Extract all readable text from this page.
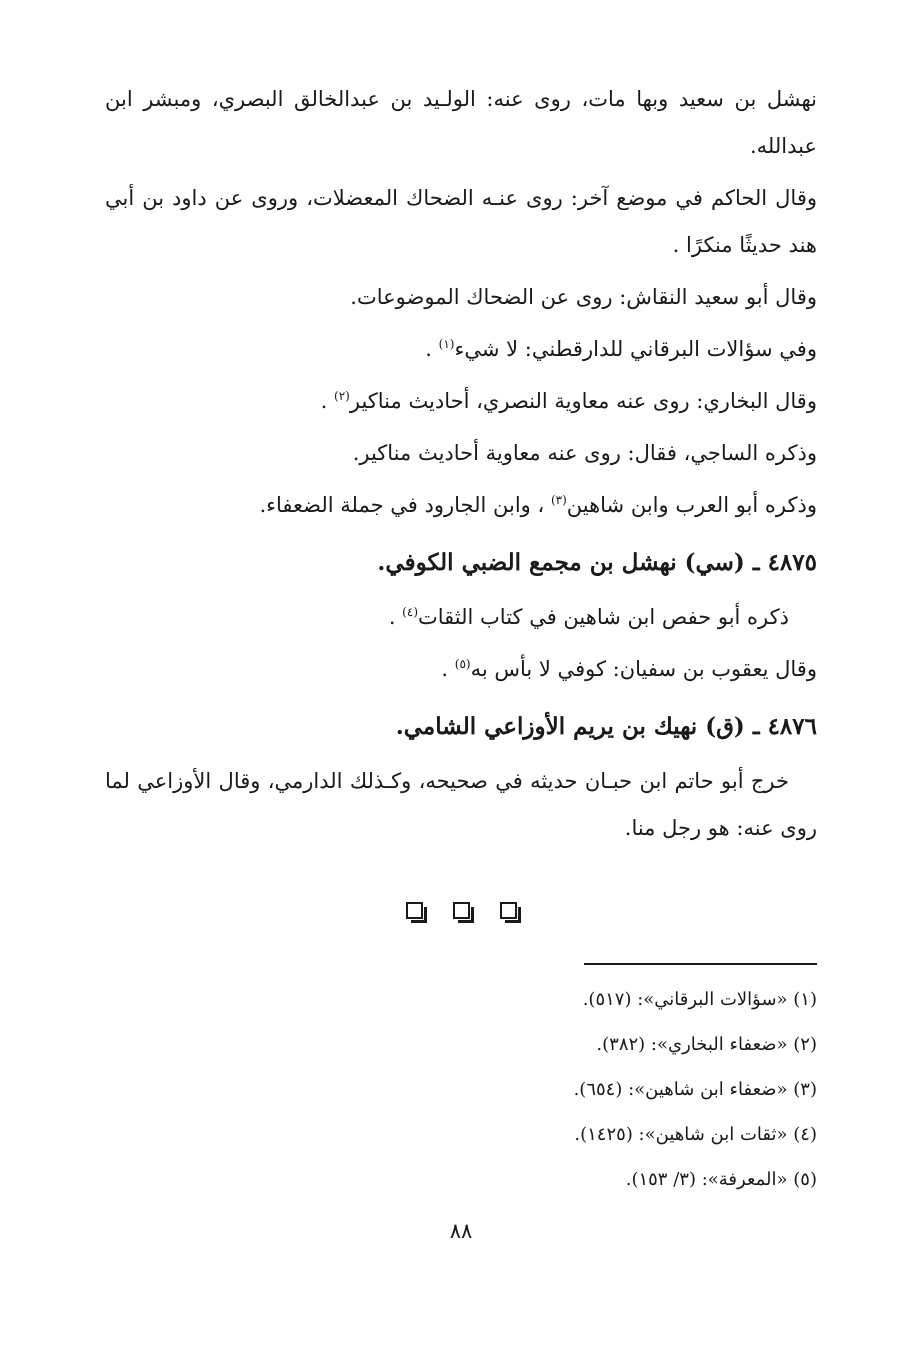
نهشل بن سعيد وبها مات، روى عنه: الولـيد بن عبدالخالق البصري، ومبشر ابن عبدالله.

وقال الحاكم في موضع آخر: روى عنـه الضحاك المعضلات، وروى عن داود بن أبي هند حديثًا منكرًا .

وقال أبو سعيد النقاش: روى عن الضحاك الموضوعات.

وفي سؤالات البرقاني للدارقطني: لا شيء$^{(١)}$ .

وقال البخاري: روى عنه معاوية النصري، أحاديث مناكير$^{(٢)}$ .

وذكره الساجي، فقال: روى عنه معاوية أحاديث مناكير.

وذكره أبو العرب وابن شاهين$^{(٣)}$ ، وابن الجارود في جملة الضعفاء.

٤٨٧٥ ـ (سي) نهشل بن مجمع الضبي الكوفي.

ذكره أبو حفص ابن شاهين في كتاب الثقات$^{(٤)}$ .

وقال يعقوب بن سفيان: كوفي لا بأس به$^{(٥)}$ .

٤٨٧٦ ـ (ق) نهيك بن يريم الأوزاعي الشامي.

خرج أبو حاتم ابن حبـان حديثه في صحيحه، وكـذلك الدارمي، وقال الأوزاعي لما روى عنه: هو رجل منا.

(١) «سؤالات البرقاني»: (٥١٧).
(٢) «ضعفاء البخاري»: (٣٨٢).
(٣) «ضعفاء ابن شاهين»: (٦٥٤).
(٤) «ثقات ابن شاهين»: (١٤٢٥).
(٥) «المعرفة»: (٣/ ١٥٣).
٨٨
